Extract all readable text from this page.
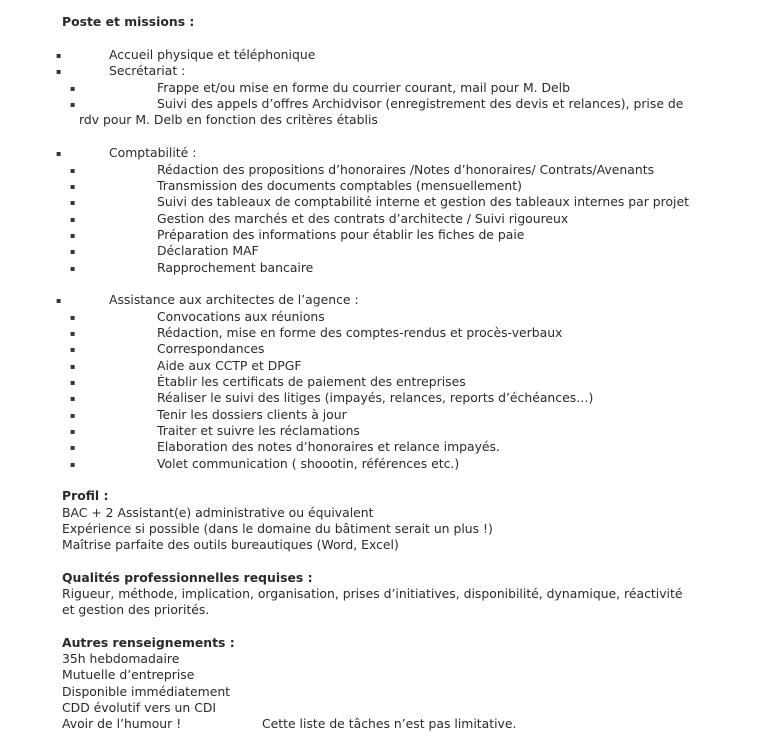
Poste et missions :
▪	Accueil physique et téléphonique
▪	Secrétariat :
▪	Frappe et/ou mise en forme du courrier courant, mail pour M. Delb
▪	Suivi des appels d’offres Archidvisor (enregistrement des devis et relances), prise de
rdv pour M. Delb en fonction des critères établis
▪	Comptabilité :
▪	Rédaction des propositions d’honoraires /Notes d’honoraires/ Contrats/Avenants
▪	Transmission des documents comptables (mensuellement)
▪	Suivi des tableaux de comptabilité interne et gestion des tableaux internes par projet
▪	Gestion des marchés et des contrats d’architecte / Suivi rigoureux
▪	Préparation des informations pour établir les fiches de paie
▪	Déclaration MAF
▪	Rapprochement bancaire
▪	Assistance aux architectes de l’agence :
▪	Convocations aux réunions
▪	Rédaction, mise en forme des comptes-rendus et procès-verbaux
▪	Correspondances
▪	Aide aux CCTP et DPGF
▪	Établir les certificats de paiement des entreprises
▪	Réaliser le suivi des litiges (impayés, relances, reports d’échéances…)
▪	Tenir les dossiers clients à jour
▪	Traiter et suivre les réclamations
▪	Elaboration des notes d’honoraires et relance impayés.
▪	Volet communication ( shoootin, références etc.)
Profil :
BAC + 2 Assistant(e) administrative ou équivalent
Expérience si possible (dans le domaine du bâtiment serait un plus !)
Maîtrise parfaite des outils bureautiques (Word, Excel)
Qualités professionnelles requises :
Rigueur, méthode, implication, organisation, prises d’initiatives, disponibilité, dynamique, réactivité
et gestion des priorités.
Autres renseignements :
35h hebdomadaire
Mutuelle d’entreprise
Disponible immédiatement
CDD évolutif vers un CDI
Avoir de l’humour !	Cette liste de tâches n’est pas limitative.
